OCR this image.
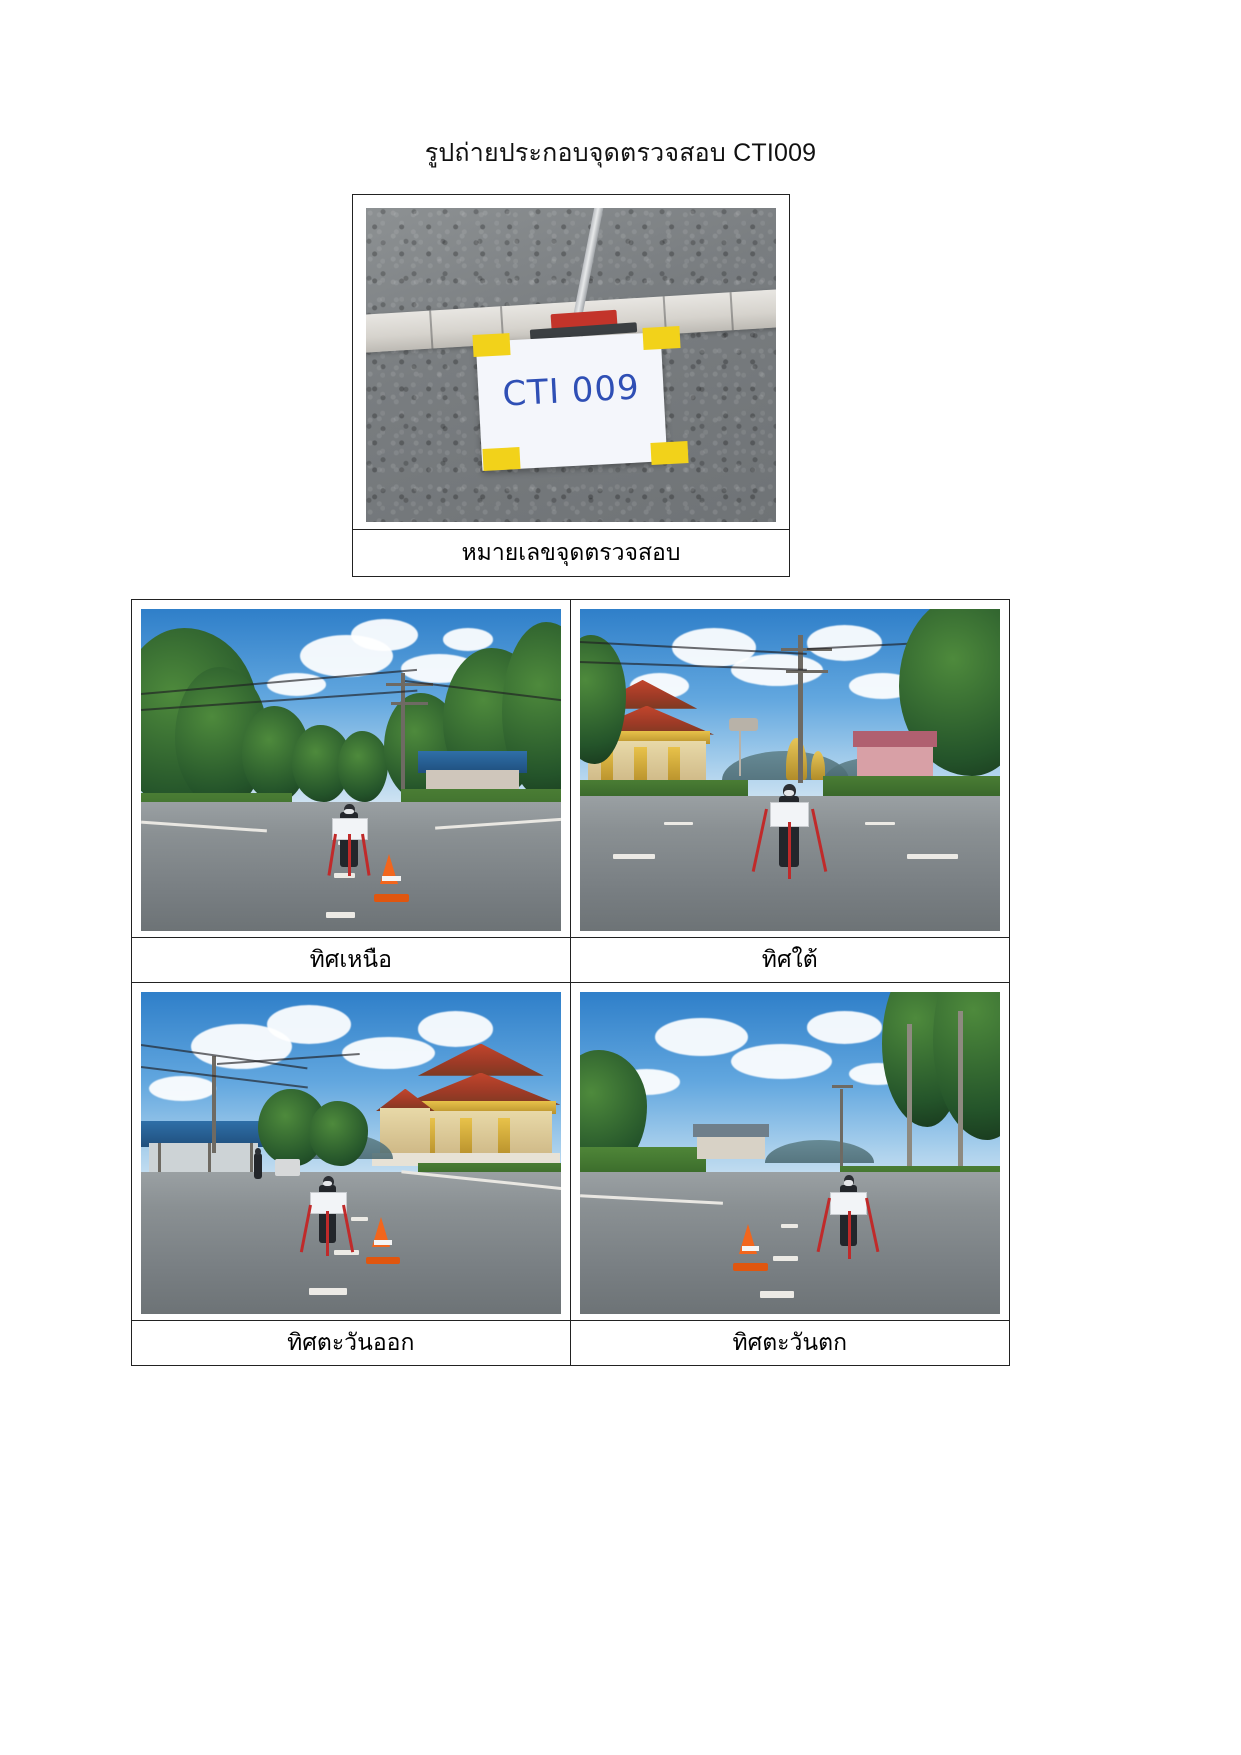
รูปถ่ายประกอบจุดตรวจสอบ CTI009
CTI 009
หมายเลขจุดตรวจสอบ
ทิศเหนือ	ทิศใต้
ทิศตะวันออก	ทิศตะวันตก
